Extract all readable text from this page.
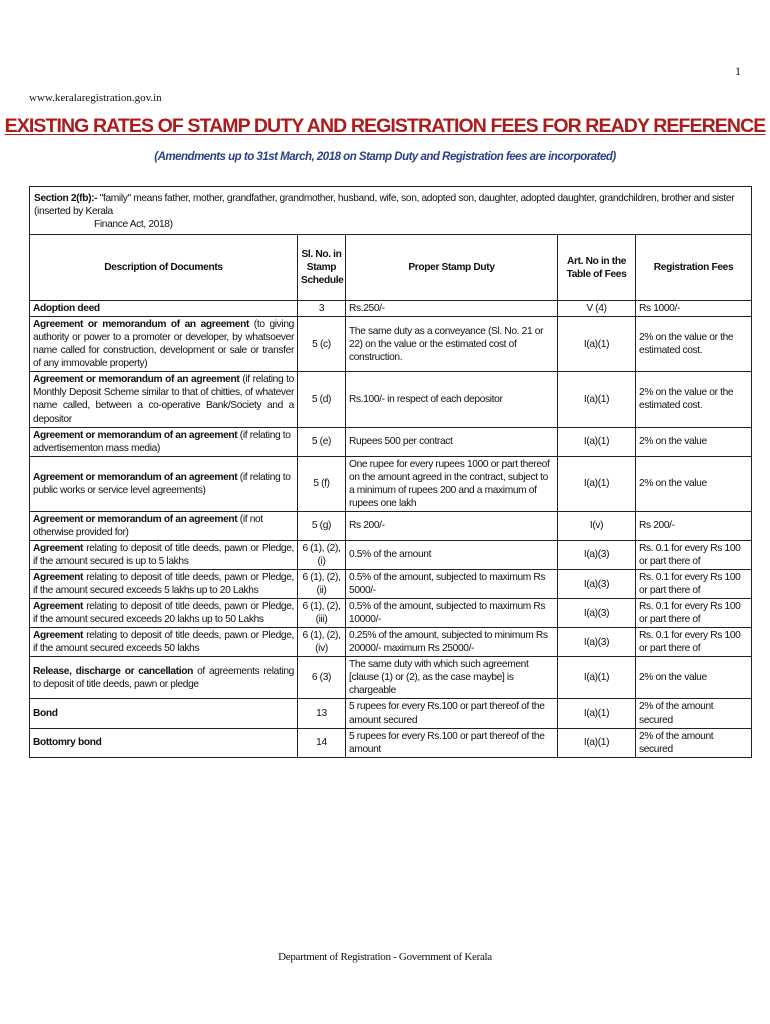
1
www.keralaregistration.gov.in
EXISTING RATES OF STAMP DUTY AND REGISTRATION FEES FOR READY REFERENCE
(Amendments up to 31st March, 2018 on Stamp Duty and Registration fees are incorporated)
Section 2(fb):- "family" means father, mother, grandfather, grandmother, husband, wife, son, adopted son, daughter, adopted daughter, grandchildren, brother and sister (inserted by Kerala
Finance Act, 2018)				

Description of Documents	Sl. No. in Stamp Schedule	Proper Stamp Duty	Art. No in the Table of Fees	Registration Fees
Adoption deed	3	Rs.250/-	V (4)	Rs 1000/-
Agreement or memorandum of an agreement (to giving authority or power to a promoter or developer, by whatsoever name called for construction, development or sale or transfer of any immovable property)	5 (c)	The same duty as a conveyance (Sl. No. 21 or 22) on the value or the estimated cost of construction.	I(a)(1)	2% on the value or the estimated cost.
Agreement or memorandum of an agreement (if relating to Monthly Deposit Scheme similar to that of chitties, of whatever name called, between a co-operative Bank/Society and a depositor	5 (d)	Rs.100/- in respect of each depositor	I(a)(1)	2% on the value or the estimated cost.
Agreement or memorandum of an agreement (if relating to advertisementon mass media)	5 (e)	Rupees 500 per contract	I(a)(1)	2% on the value
Agreement or memorandum of an agreement (if relating to public works or service level agreements)	5 (f)	One rupee for every rupees 1000 or part thereof on the amount agreed in the contract, subject to a minimum of rupees 200 and a maximum of rupees one lakh	I(a)(1)	2% on the value
Agreement or memorandum of an agreement (if not otherwise provided for)	5 (g)	Rs 200/-	I(v)	Rs 200/-
Agreement relating to deposit of title deeds, pawn or Pledge, if the amount secured is up to 5 lakhs	6 (1), (2), (i)	0.5% of the amount	I(a)(3)	Rs. 0.1 for every Rs 100 or part there of
Agreement relating to deposit of title deeds, pawn or Pledge, if the amount secured exceeds 5 lakhs up to 20 Lakhs	6 (1), (2), (ii)	0.5% of the amount, subjected to maximum Rs 5000/-	I(a)(3)	Rs. 0.1 for every Rs 100 or part there of
Agreement relating to deposit of title deeds, pawn or Pledge, if the amount secured exceeds 20 lakhs up to 50 Lakhs	6 (1), (2), (iii)	0.5% of the amount, subjected to maximum Rs 10000/-	I(a)(3)	Rs. 0.1 for every Rs 100 or part there of
Agreement relating to deposit of title deeds, pawn or Pledge, if the amount secured exceeds 50 lakhs	6 (1), (2), (iv)	0.25% of the amount, subjected to minimum Rs 20000/- maximum Rs 25000/-	I(a)(3)	Rs. 0.1 for every Rs 100 or part there of
Release, discharge or cancellation of agreements relating to deposit of title deeds, pawn or pledge	6 (3)	The same duty with which such agreement [clause (1) or (2), as the case maybe] is chargeable	I(a)(1)	2% on the value
Bond	13	5 rupees for every Rs.100 or part thereof of the amount secured	I(a)(1)	2% of the amount secured
Bottomry bond	14	5 rupees for every Rs.100 or part thereof of the amount	I(a)(1)	2% of the amount secured
Department of Registration - Government of Kerala
